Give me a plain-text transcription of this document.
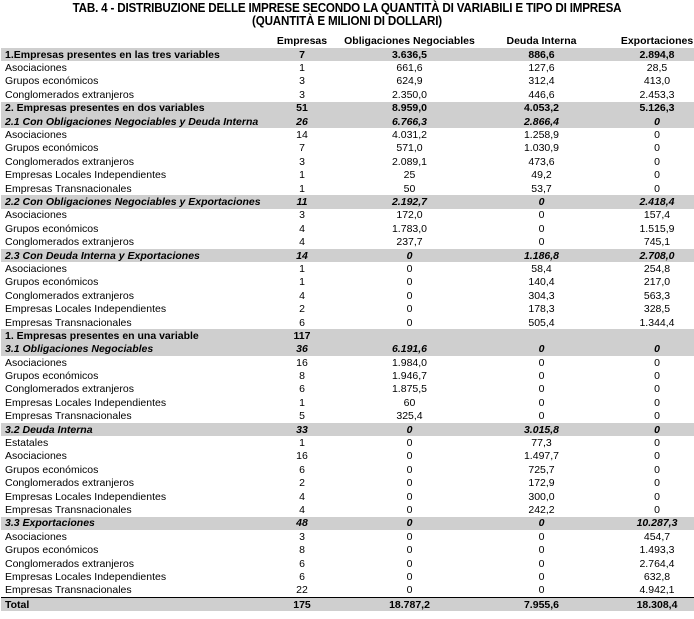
TAB. 4 - DISTRIBUZIONE DELLE IMPRESE SECONDO LA QUANTITÀ DI VARIABILI E TIPO DI IMPRESA
(QUANTITÀ E MILIONI DI DOLLARI)
	Empresas	Obligaciones Negociables	Deuda Interna	Exportaciones
1.Empresas presentes en las tres variables	7	3.636,5	886,6	2.894,8
Asociaciones	1	661,6	127,6	28,5
Grupos económicos	3	624,9	312,4	413,0
Conglomerados extranjeros	3	2.350,0	446,6	2.453,3
2. Empresas presentes en dos variables	51	8.959,0	4.053,2	5.126,3
2.1 Con Obligaciones Negociables y Deuda Interna	26	6.766,3	2.866,4	0
Asociaciones	14	4.031,2	1.258,9	0
Grupos económicos	7	571,0	1.030,9	0
Conglomerados extranjeros	3	2.089,1	473,6	0
Empresas Locales Independientes	1	25	49,2	0
Empresas Transnacionales	1	50	53,7	0
2.2 Con Obligaciones Negociables y Exportaciones	11	2.192,7	0	2.418,4
Asociaciones	3	172,0	0	157,4
Grupos económicos	4	1.783,0	0	1.515,9
Conglomerados extranjeros	4	237,7	0	745,1
2.3 Con Deuda Interna y Exportaciones	14	0	1.186,8	2.708,0
Asociaciones	1	0	58,4	254,8
Grupos económicos	1	0	140,4	217,0
Conglomerados extranjeros	4	0	304,3	563,3
Empresas Locales Independientes	2	0	178,3	328,5
Empresas Transnacionales	6	0	505,4	1.344,4
1. Empresas presentes en una variable	117			
3.1 Obligaciones Negociables	36	6.191,6	0	0
Asociaciones	16	1.984,0	0	0
Grupos económicos	8	1.946,7	0	0
Conglomerados extranjeros	6	1.875,5	0	0
Empresas Locales Independientes	1	60	0	0
Empresas Transnacionales	5	325,4	0	0
3.2 Deuda Interna	33	0	3.015,8	0
Estatales	1	0	77,3	0
Asociaciones	16	0	1.497,7	0
Grupos económicos	6	0	725,7	0
Conglomerados extranjeros	2	0	172,9	0
Empresas Locales Independientes	4	0	300,0	0
Empresas Transnacionales	4	0	242,2	0
3.3 Exportaciones	48	0	0	10.287,3
Asociaciones	3	0	0	454,7
Grupos económicos	8	0	0	1.493,3
Conglomerados extranjeros	6	0	0	2.764,4
Empresas Locales Independientes	6	0	0	632,8
Empresas Transnacionales	22	0	0	4.942,1
Total	175	18.787,2	7.955,6	18.308,4
